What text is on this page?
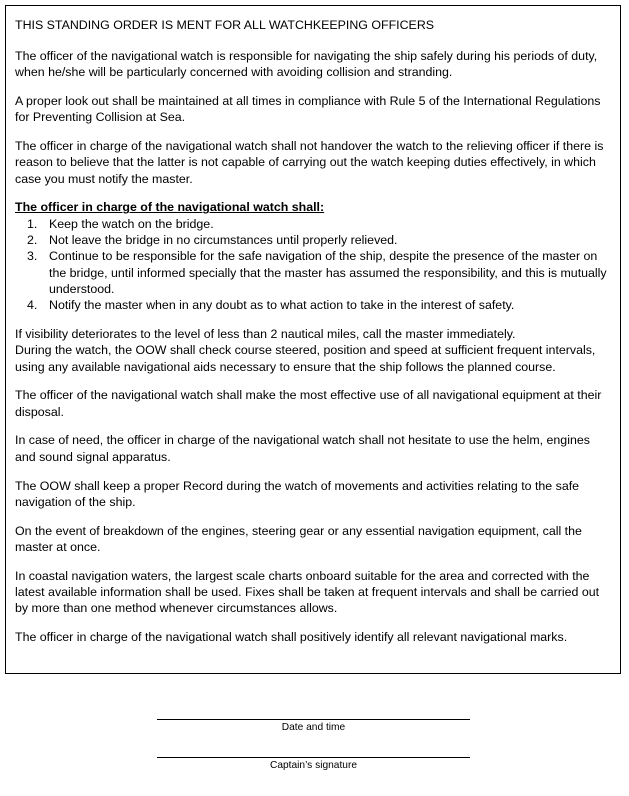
THIS STANDING ORDER IS MENT FOR ALL WATCHKEEPING OFFICERS

The officer of the navigational watch is responsible for navigating the ship safely during his periods of duty, when he/she will be particularly concerned with avoiding collision and stranding.

A proper look out shall be maintained at all times in compliance with Rule 5 of the International Regulations for Preventing Collision at Sea.

The officer in charge of the navigational watch shall not handover the watch to the relieving officer if there is reason to believe that the latter is not capable of carrying out the watch keeping duties effectively, in which case you must notify the master.

The officer in charge of the navigational watch shall:

1. Keep the watch on the bridge.
2. Not leave the bridge in no circumstances until properly relieved.
3. Continue to be responsible for the safe navigation of the ship, despite the presence of the master on the bridge, until informed specially that the master has assumed the responsibility, and this is mutually understood.
4. Notify the master when in any doubt as to what action to take in the interest of safety.

If visibility deteriorates to the level of less than 2 nautical miles, call the master immediately.
During the watch, the OOW shall check course steered, position and speed at sufficient frequent intervals, using any available navigational aids necessary to ensure that the ship follows the planned course.

The officer of the navigational watch shall make the most effective use of all navigational equipment at their disposal.

In case of need, the officer in charge of the navigational watch shall not hesitate to use the helm, engines and sound signal apparatus.

The OOW shall keep a proper Record during the watch of movements and activities relating to the safe navigation of the ship.

On the event of breakdown of the engines, steering gear or any essential navigation equipment, call the master at once.

In coastal navigation waters, the largest scale charts onboard suitable for the area and corrected with the latest available information shall be used. Fixes shall be taken at frequent intervals and shall be carried out by more than one method whenever circumstances allows.

The officer in charge of the navigational watch shall positively identify all relevant navigational marks.

Date and time
Captain’s signature
